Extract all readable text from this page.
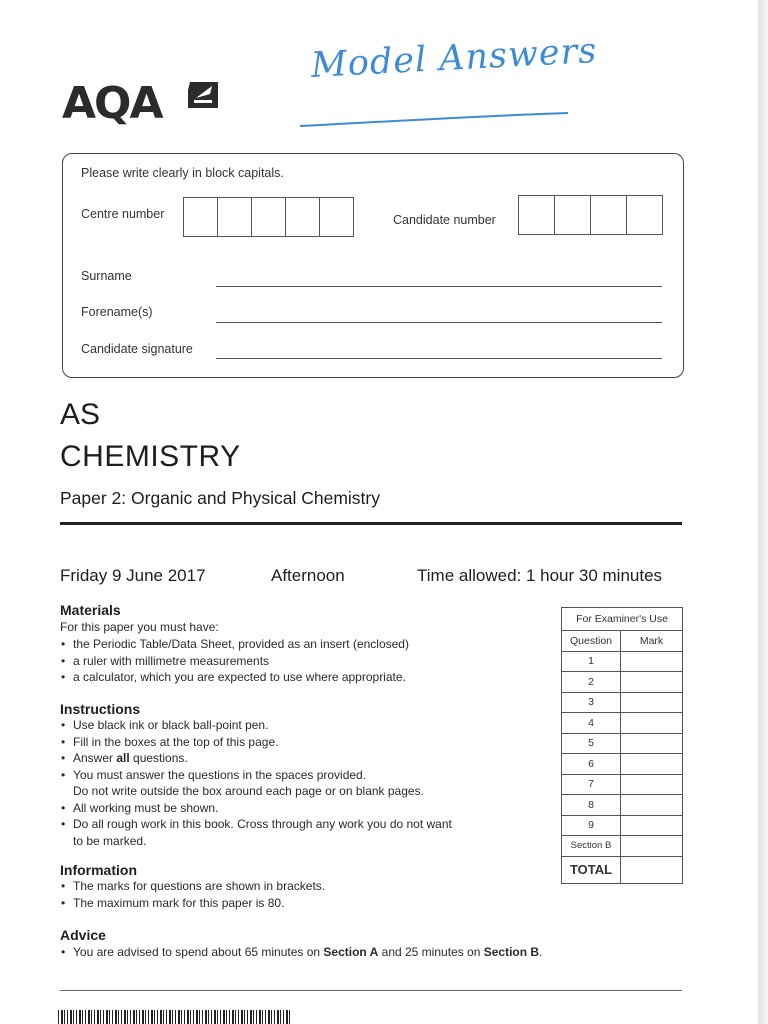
AQA
Model Answers
Please write clearly in block capitals.
Centre number	Candidate number
Surname
Forename(s)
Candidate signature
AS
CHEMISTRY
Paper 2: Organic and Physical Chemistry
Friday 9 June 2017	Afternoon	Time allowed: 1 hour 30 minutes
Materials
For this paper you must have:
• the Periodic Table/Data Sheet, provided as an insert (enclosed)
• a ruler with millimetre measurements
• a calculator, which you are expected to use where appropriate.
Instructions
• Use black ink or black ball-point pen.
• Fill in the boxes at the top of this page.
• Answer all questions.
• You must answer the questions in the spaces provided.
Do not write outside the box around each page or on blank pages.
• All working must be shown.
• Do all rough work in this book. Cross through any work you do not want
to be marked.
Information
• The marks for questions are shown in brackets.
• The maximum mark for this paper is 80.
Advice
• You are advised to spend about 65 minutes on Section A and 25 minutes on Section B.
For Examiner's Use	
Question	Mark
1	
2	
3	
4	
5	
6	
7	
8	
9	
Section B	
TOTAL	
